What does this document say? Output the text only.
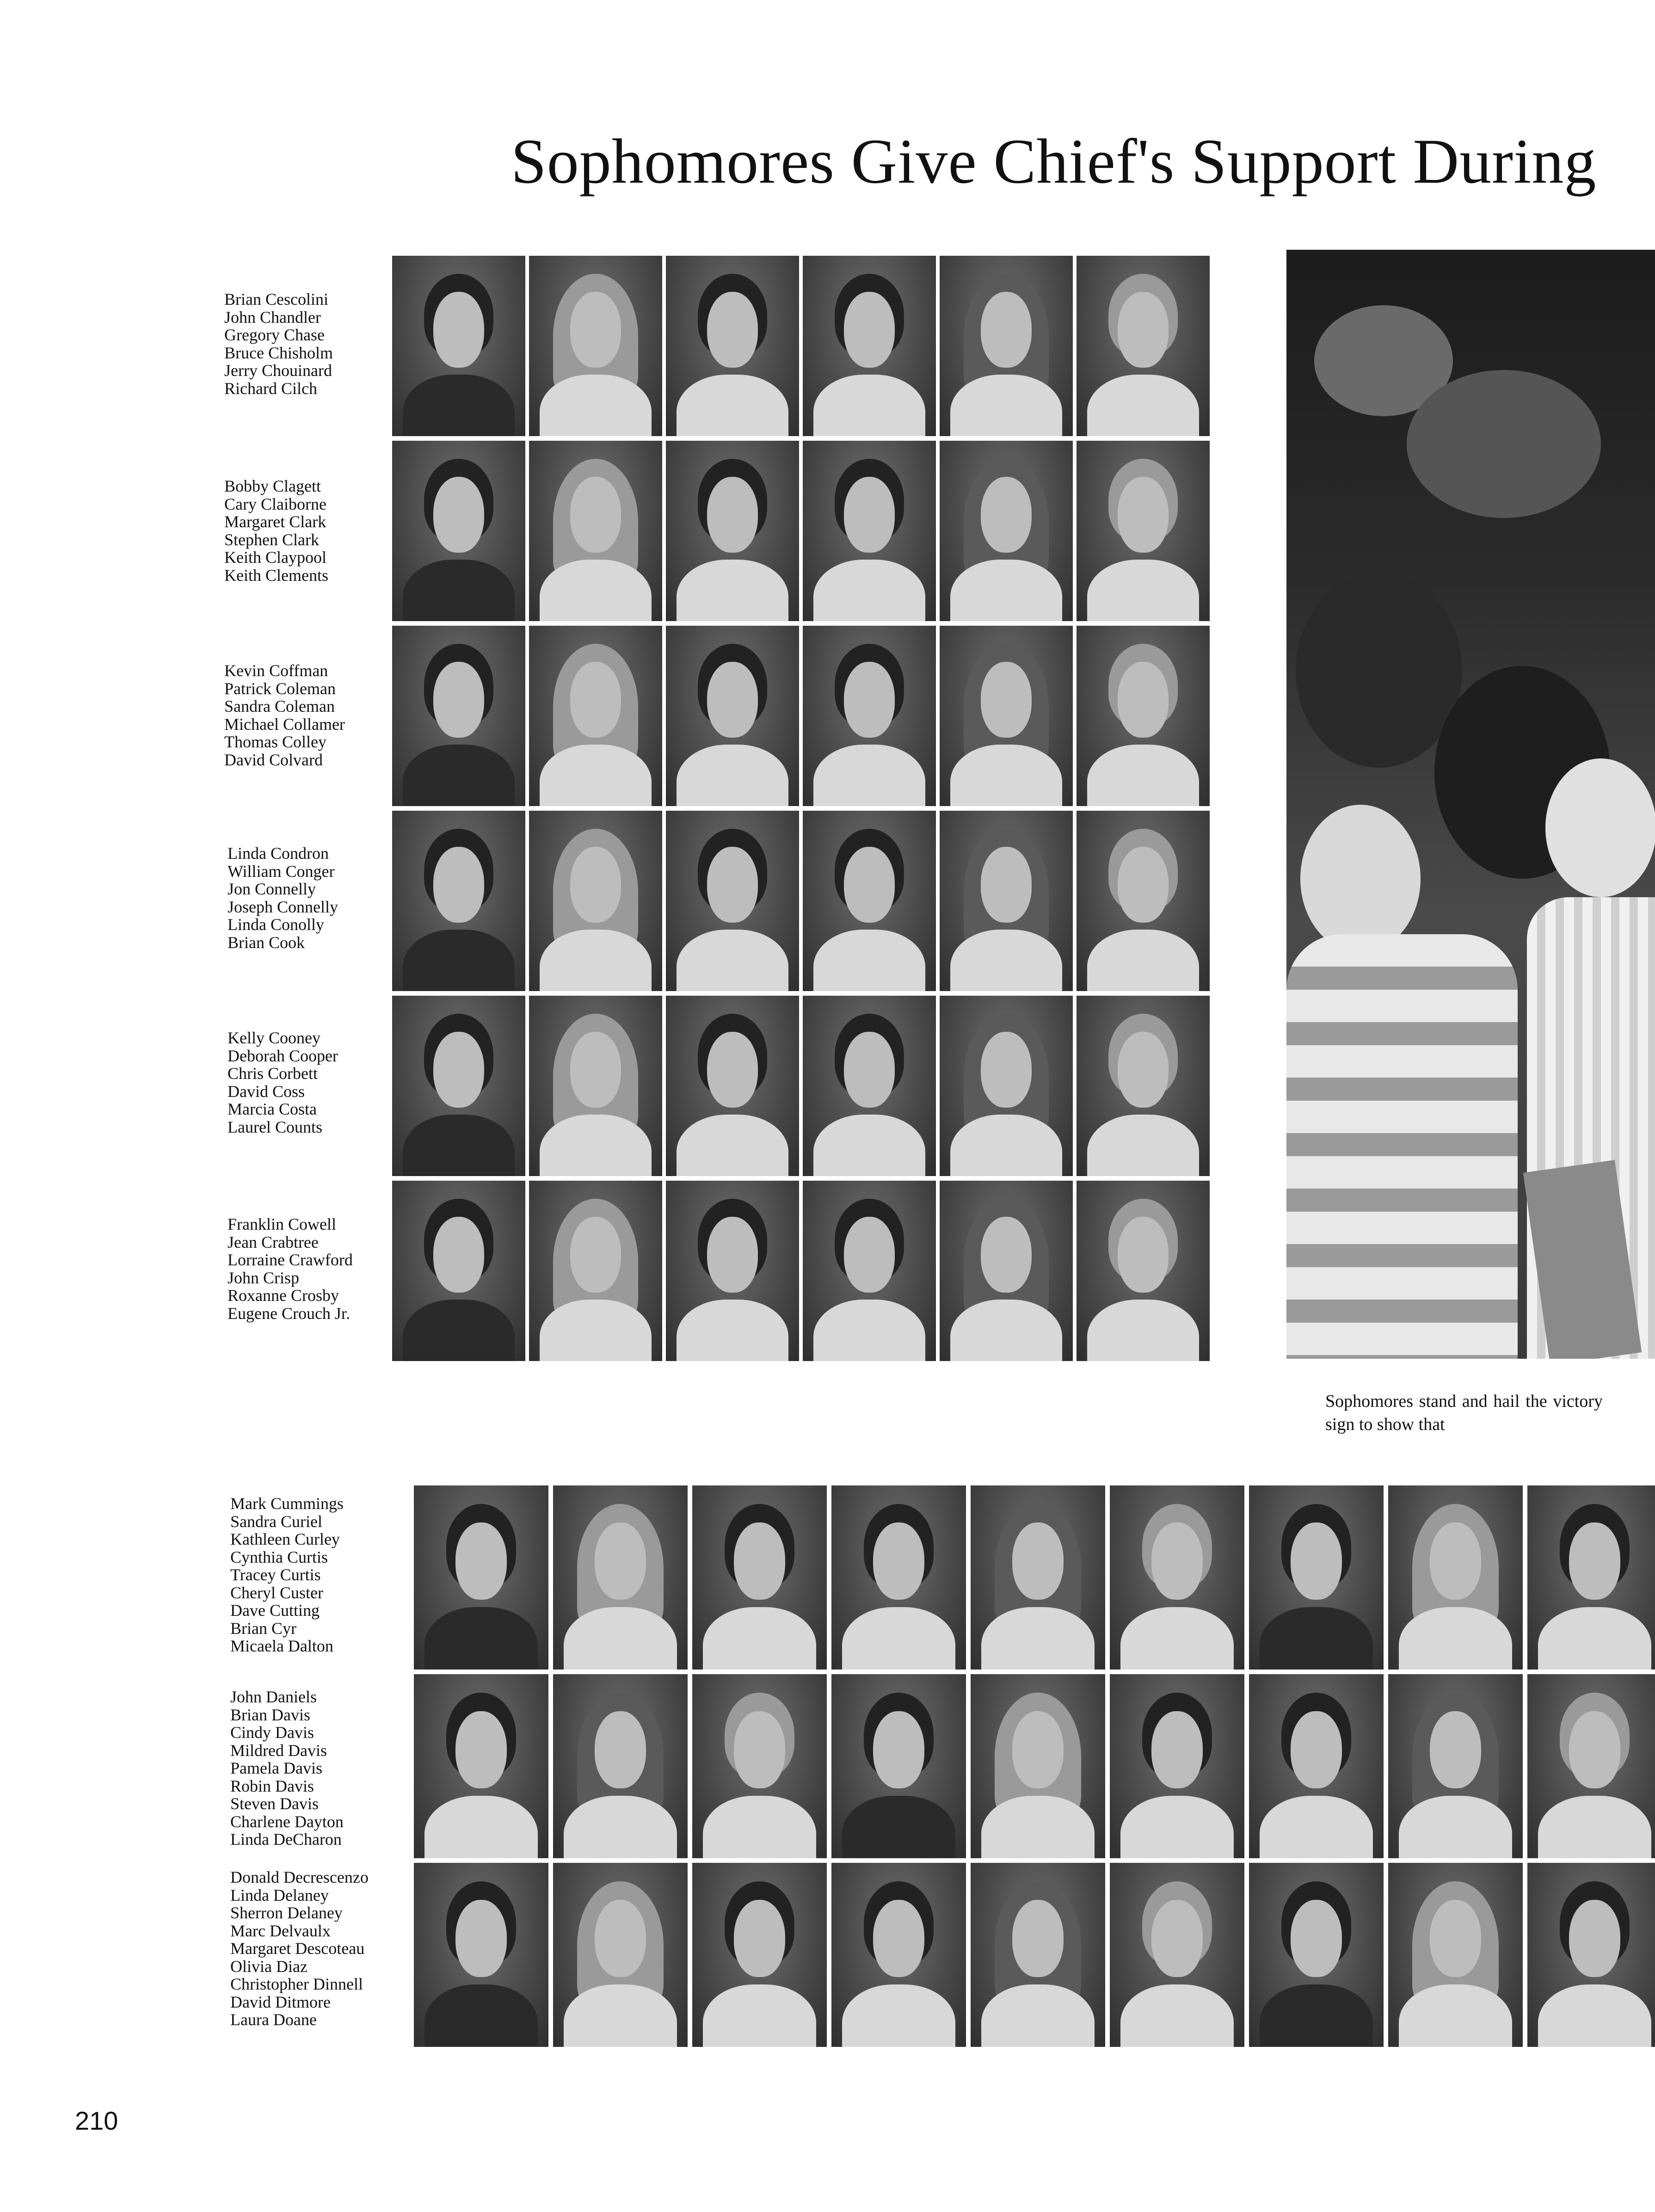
Sophomores Give Chief's Support During
Brian Cescolini
John Chandler
Gregory Chase
Bruce Chisholm
Jerry Chouinard
Richard Cilch
Bobby Clagett
Cary Claiborne
Margaret Clark
Stephen Clark
Keith Claypool
Keith Clements
Kevin Coffman
Patrick Coleman
Sandra Coleman
Michael Collamer
Thomas Colley
David Colvard
Linda Condron
William Conger
Jon Connelly
Joseph Connelly
Linda Conolly
Brian Cook
Kelly Cooney
Deborah Cooper
Chris Corbett
David Coss
Marcia Costa
Laurel Counts
Franklin Cowell
Jean Crabtree
Lorraine Crawford
John Crisp
Roxanne Crosby
Eugene Crouch Jr.
Sophomores stand and hail the victory sign to show that
Mark Cummings
Sandra Curiel
Kathleen Curley
Cynthia Curtis
Tracey Curtis
Cheryl Custer
Dave Cutting
Brian Cyr
Micaela Dalton
John Daniels
Brian Davis
Cindy Davis
Mildred Davis
Pamela Davis
Robin Davis
Steven Davis
Charlene Dayton
Linda DeCharon
Donald Decrescenzo
Linda Delaney
Sherron Delaney
Marc Delvaulx
Margaret Descoteau
Olivia Diaz
Christopher Dinnell
David Ditmore
Laura Doane
210
